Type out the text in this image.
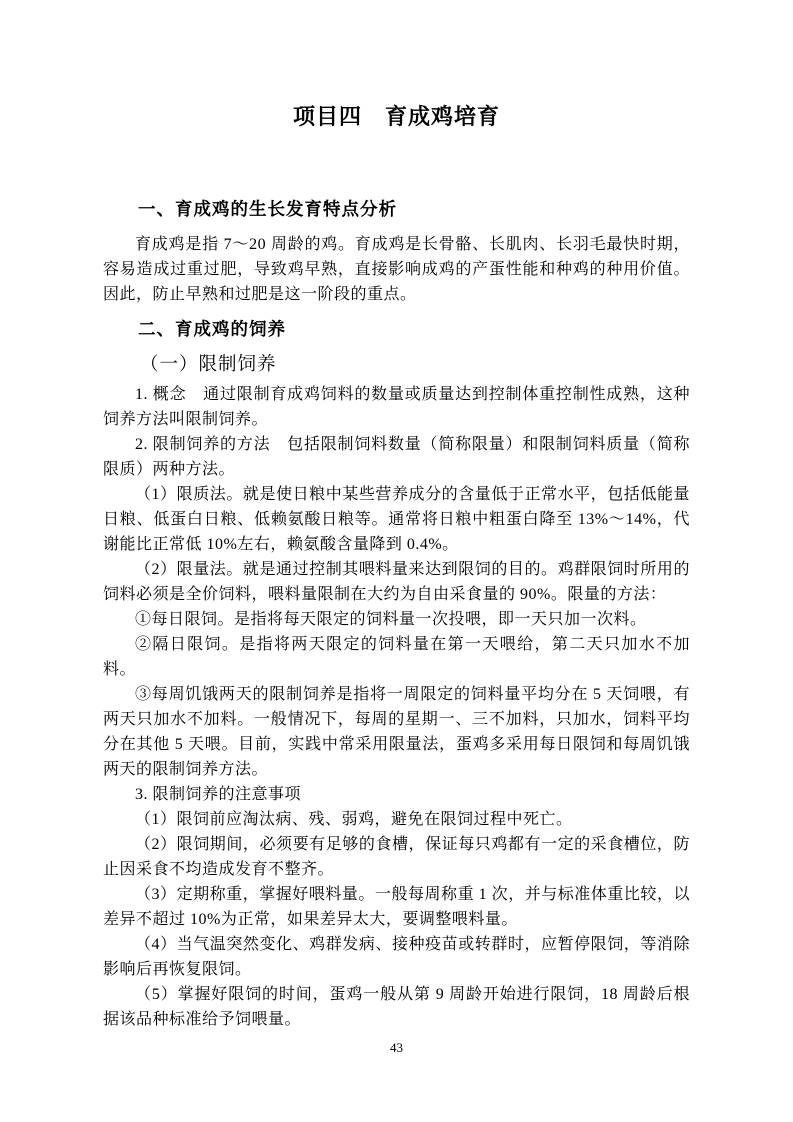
项目四　育成鸡培育
一、育成鸡的生长发育特点分析

育成鸡是指 7～20 周龄的鸡。育成鸡是长骨骼、长肌肉、长羽毛最快时期，容易造成过重过肥，导致鸡早熟，直接影响成鸡的产蛋性能和种鸡的种用价值。因此，防止早熟和过肥是这一阶段的重点。

二、育成鸡的饲养
（一）限制饲养

1. 概念　通过限制育成鸡饲料的数量或质量达到控制体重控制性成熟，这种饲养方法叫限制饲养。

2. 限制饲养的方法　包括限制饲料数量（简称限量）和限制饲料质量（简称限质）两种方法。

（1）限质法。就是使日粮中某些营养成分的含量低于正常水平，包括低能量日粮、低蛋白日粮、低赖氨酸日粮等。通常将日粮中粗蛋白降至 13%～14%，代谢能比正常低 10%左右，赖氨酸含量降到 0.4%。

（2）限量法。就是通过控制其喂料量来达到限饲的目的。鸡群限饲时所用的饲料必须是全价饲料，喂料量限制在大约为自由采食量的 90%。限量的方法：

①每日限饲。是指将每天限定的饲料量一次投喂，即一天只加一次料。

②隔日限饲。是指将两天限定的饲料量在第一天喂给，第二天只加水不加料。

③每周饥饿两天的限制饲养是指将一周限定的饲料量平均分在 5 天饲喂，有两天只加水不加料。一般情况下，每周的星期一、三不加料，只加水，饲料平均分在其他 5 天喂。目前，实践中常采用限量法，蛋鸡多采用每日限饲和每周饥饿两天的限制饲养方法。

3. 限制饲养的注意事项

（1）限饲前应淘汰病、残、弱鸡，避免在限饲过程中死亡。

（2）限饲期间，必须要有足够的食槽，保证每只鸡都有一定的采食槽位，防止因采食不均造成发育不整齐。

（3）定期称重，掌握好喂料量。一般每周称重 1 次，并与标准体重比较，以差异不超过 10%为正常，如果差异太大，要调整喂料量。

（4）当气温突然变化、鸡群发病、接种疫苗或转群时，应暂停限饲，等消除影响后再恢复限饲。

（5）掌握好限饲的时间，蛋鸡一般从第 9 周龄开始进行限饲，18 周龄后根据该品种标准给予饲喂量。

43
